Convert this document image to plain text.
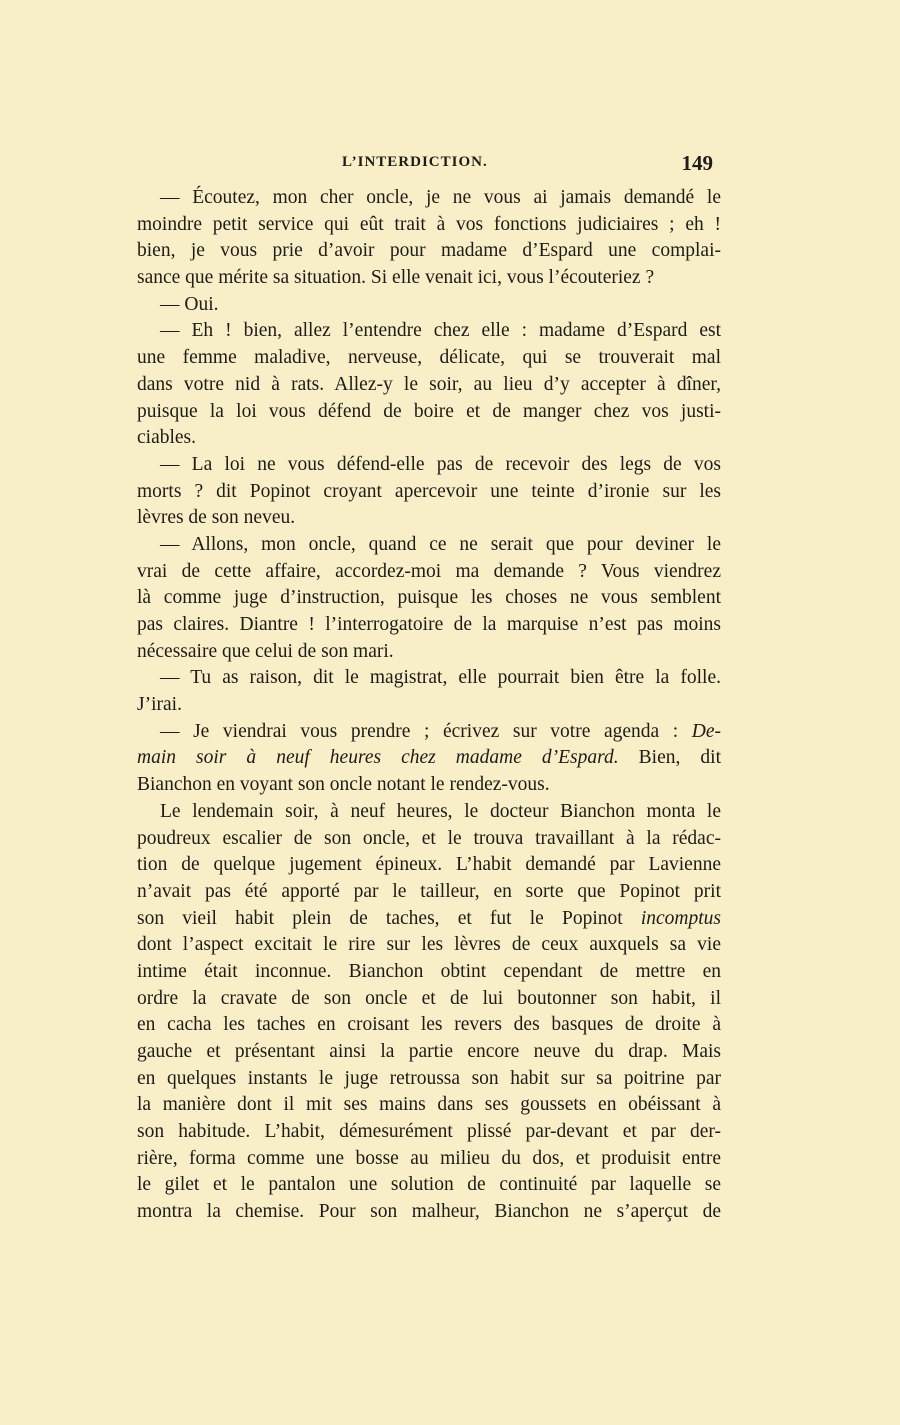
L’INTERDICTION.	149
— Écoutez, mon cher oncle, je ne vous ai jamais demandé le
moindre petit service qui eût trait à vos fonctions judiciaires ; eh !
bien, je vous prie d’avoir pour madame d’Espard une complai-
sance que mérite sa situation. Si elle venait ici, vous l’écouteriez ?
— Oui.
— Eh ! bien, allez l’entendre chez elle : madame d’Espard est
une femme maladive, nerveuse, délicate, qui se trouverait mal
dans votre nid à rats. Allez-y le soir, au lieu d’y accepter à dîner,
puisque la loi vous défend de boire et de manger chez vos justi-
ciables.
— La loi ne vous défend-elle pas de recevoir des legs de vos
morts ? dit Popinot croyant apercevoir une teinte d’ironie sur les
lèvres de son neveu.
— Allons, mon oncle, quand ce ne serait que pour deviner le
vrai de cette affaire, accordez-moi ma demande ? Vous viendrez
là comme juge d’instruction, puisque les choses ne vous semblent
pas claires. Diantre ! l’interrogatoire de la marquise n’est pas moins
nécessaire que celui de son mari.
— Tu as raison, dit le magistrat, elle pourrait bien être la folle.
J’irai.
— Je viendrai vous prendre ; écrivez sur votre agenda : De-
main soir à neuf heures chez madame d’Espard. Bien, dit
Bianchon en voyant son oncle notant le rendez-vous.
Le lendemain soir, à neuf heures, le docteur Bianchon monta le
poudreux escalier de son oncle, et le trouva travaillant à la rédac-
tion de quelque jugement épineux. L’habit demandé par Lavienne
n’avait pas été apporté par le tailleur, en sorte que Popinot prit
son vieil habit plein de taches, et fut le Popinot incomptus
dont l’aspect excitait le rire sur les lèvres de ceux auxquels sa vie
intime était inconnue. Bianchon obtint cependant de mettre en
ordre la cravate de son oncle et de lui boutonner son habit, il
en cacha les taches en croisant les revers des basques de droite à
gauche et présentant ainsi la partie encore neuve du drap. Mais
en quelques instants le juge retroussa son habit sur sa poitrine par
la manière dont il mit ses mains dans ses goussets en obéissant à
son habitude. L’habit, démesurément plissé par-devant et par der-
rière, forma comme une bosse au milieu du dos, et produisit entre
le gilet et le pantalon une solution de continuité par laquelle se
montra la chemise. Pour son malheur, Bianchon ne s’aperçut de
